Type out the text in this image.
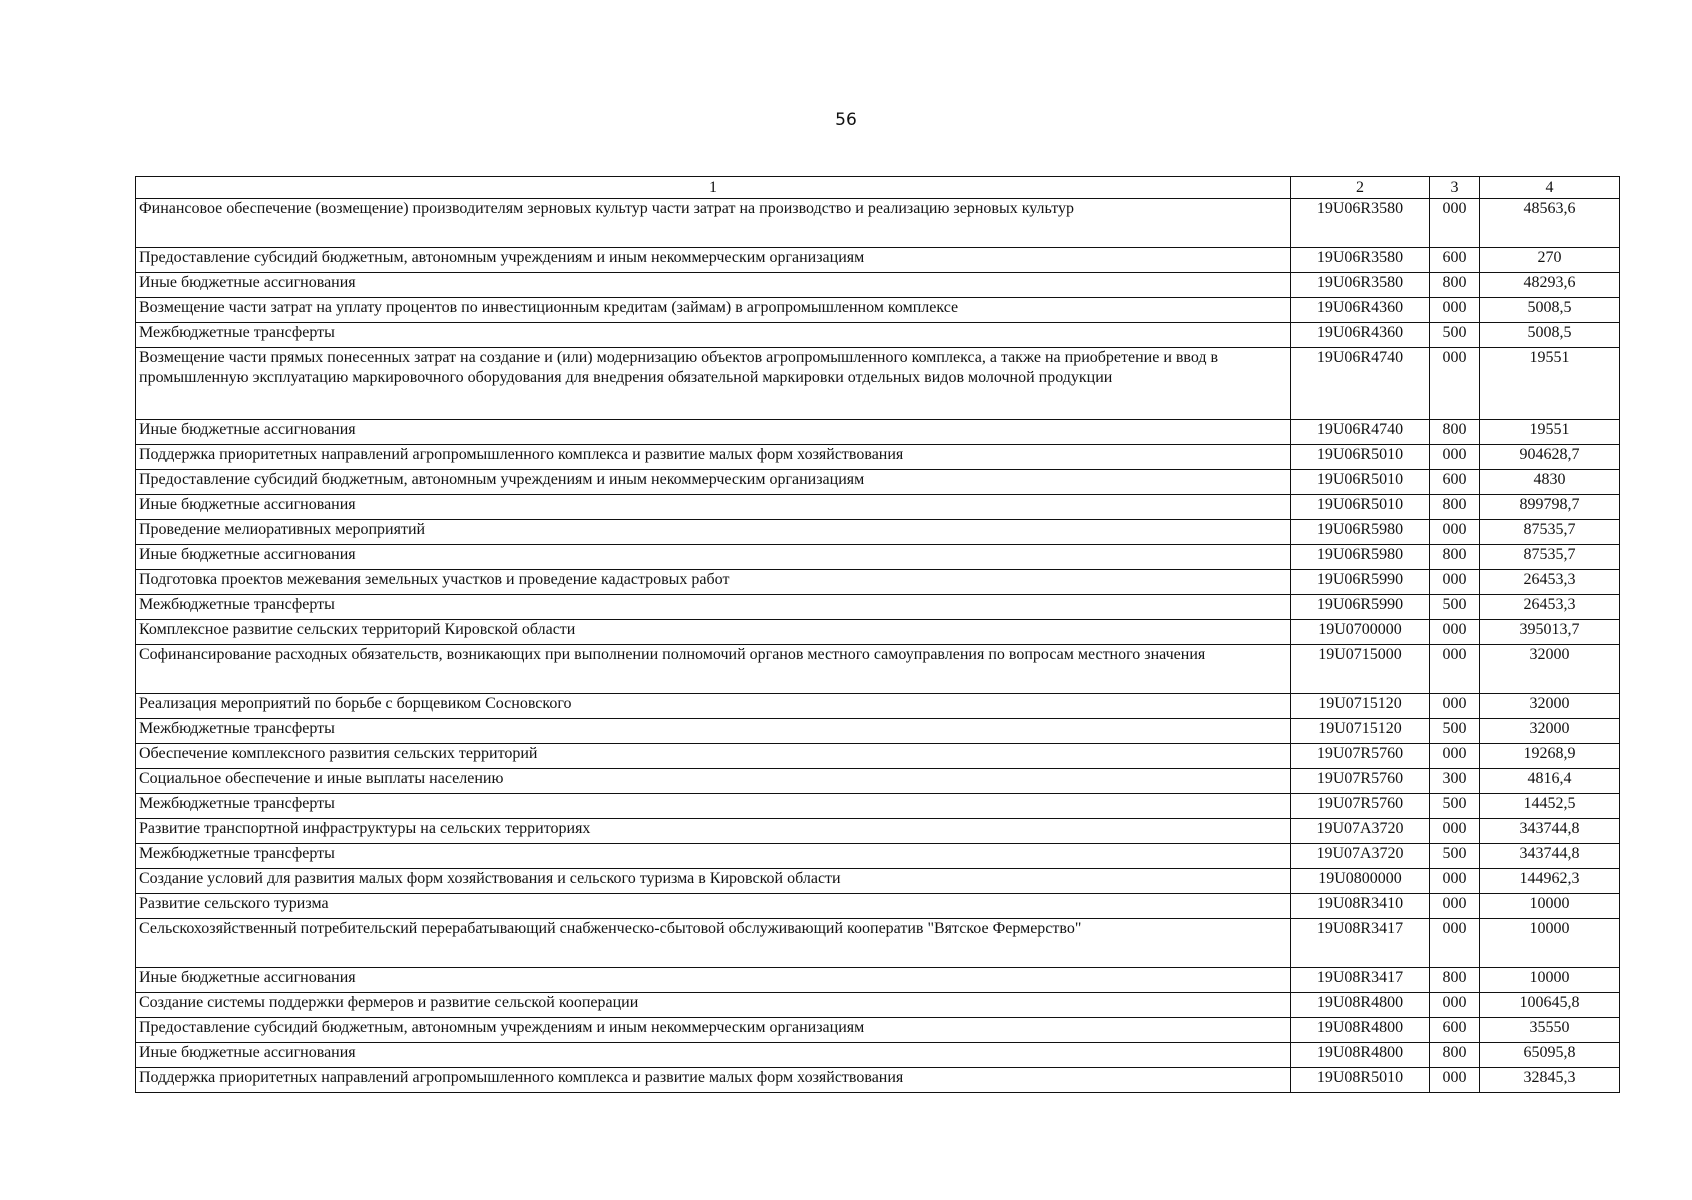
56
1	2	3	4
Финансовое обеспечение (возмещение) производителям зерновых культур части затрат на производство и реализацию зерновых культур	19U06R3580	000	48563,6
Предоставление субсидий бюджетным, автономным учреждениям и иным некоммерческим организациям	19U06R3580	600	270
Иные бюджетные ассигнования	19U06R3580	800	48293,6
Возмещение части затрат на уплату процентов по инвестиционным кредитам (займам) в агропромышленном комплексе	19U06R4360	000	5008,5
Межбюджетные трансферты	19U06R4360	500	5008,5
Возмещение части прямых понесенных затрат на создание и (или) модернизацию объектов агропромышленного комплекса, а также на приобретение и ввод в промышленную эксплуатацию маркировочного оборудования для внедрения обязательной маркировки отдельных видов молочной продукции	19U06R4740	000	19551
Иные бюджетные ассигнования	19U06R4740	800	19551
Поддержка приоритетных направлений агропромышленного комплекса и развитие малых форм хозяйствования	19U06R5010	000	904628,7
Предоставление субсидий бюджетным, автономным учреждениям и иным некоммерческим организациям	19U06R5010	600	4830
Иные бюджетные ассигнования	19U06R5010	800	899798,7
Проведение мелиоративных мероприятий	19U06R5980	000	87535,7
Иные бюджетные ассигнования	19U06R5980	800	87535,7
Подготовка проектов межевания земельных участков и проведение кадастровых работ	19U06R5990	000	26453,3
Межбюджетные трансферты	19U06R5990	500	26453,3
Комплексное развитие сельских территорий Кировской области	19U0700000	000	395013,7
Софинансирование расходных обязательств, возникающих при выполнении полномочий органов местного самоуправления по вопросам местного значения	19U0715000	000	32000
Реализация мероприятий по борьбе с борщевиком Сосновского	19U0715120	000	32000
Межбюджетные трансферты	19U0715120	500	32000
Обеспечение комплексного развития сельских территорий	19U07R5760	000	19268,9
Социальное обеспечение и иные выплаты населению	19U07R5760	300	4816,4
Межбюджетные трансферты	19U07R5760	500	14452,5
Развитие транспортной инфраструктуры на сельских территориях	19U07A3720	000	343744,8
Межбюджетные трансферты	19U07A3720	500	343744,8
Создание условий для развития малых форм хозяйствования и сельского туризма в Кировской области	19U0800000	000	144962,3
Развитие сельского туризма	19U08R3410	000	10000
Сельскохозяйственный потребительский перерабатывающий снабженческо-сбытовой обслуживающий кооператив "Вятское Фермерство"	19U08R3417	000	10000
Иные бюджетные ассигнования	19U08R3417	800	10000
Создание системы поддержки фермеров и развитие сельской кооперации	19U08R4800	000	100645,8
Предоставление субсидий бюджетным, автономным учреждениям и иным некоммерческим организациям	19U08R4800	600	35550
Иные бюджетные ассигнования	19U08R4800	800	65095,8
Поддержка приоритетных направлений агропромышленного комплекса и развитие малых форм хозяйствования	19U08R5010	000	32845,3
